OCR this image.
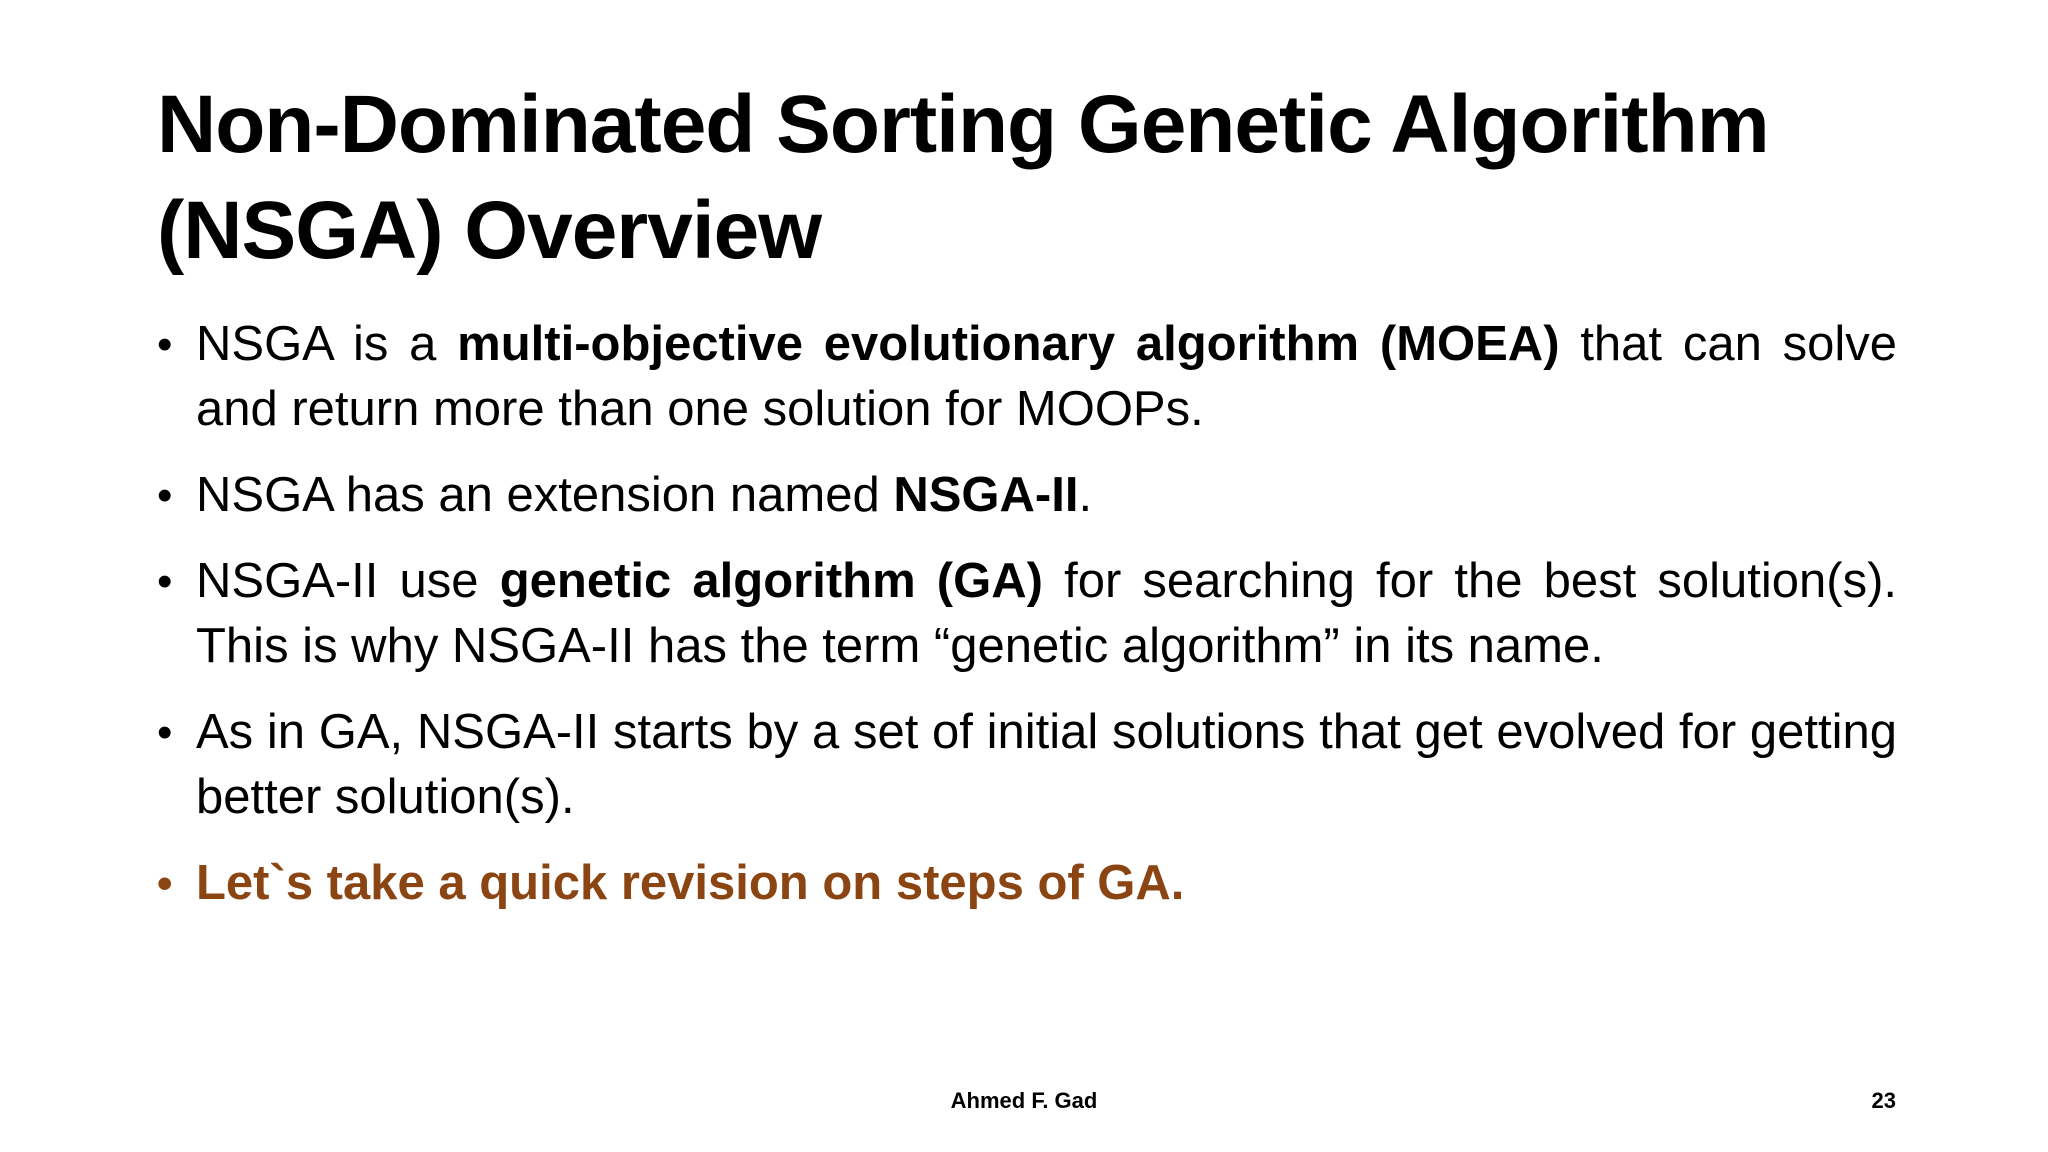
Non-Dominated Sorting Genetic Algorithm (NSGA) Overview
• NSGA is a multi-objective evolutionary algorithm (MOEA) that can solve and return more than one solution for MOOPs.
• NSGA has an extension named NSGA-II.
• NSGA-II use genetic algorithm (GA) for searching for the best solution(s). This is why NSGA-II has the term “genetic algorithm” in its name.
• As in GA, NSGA-II starts by a set of initial solutions that get evolved for getting better solution(s).
• Let`s take a quick revision on steps of GA.
Ahmed F. Gad	23
